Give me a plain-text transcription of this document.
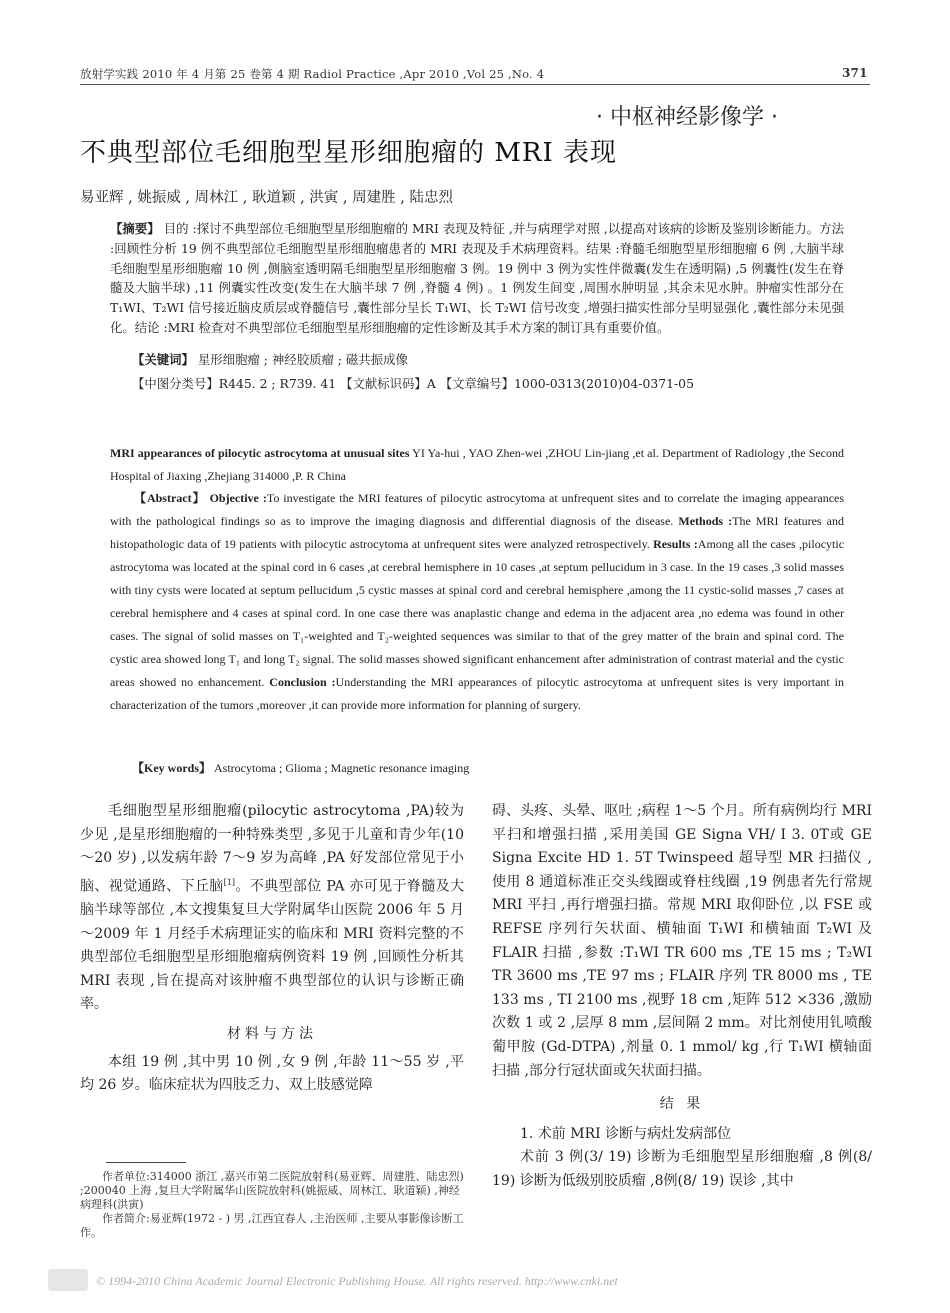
放射学实践 2010 年 4 月第 25 卷第 4 期 Radiol Practice ,Apr 2010 ,Vol 25 ,No. 4	371
· 中枢神经影像学 ·
不典型部位毛细胞型星形细胞瘤的 MRI 表现
易亚辉 , 姚振威 , 周林江 , 耿道颖 , 洪寅 , 周建胜 , 陆忠烈
【摘要】 目的 :探讨不典型部位毛细胞型星形细胞瘤的 MRI 表现及特征 ,并与病理学对照 ,以提高对该病的诊断及鉴别诊断能力。方法 :回顾性分析 19 例不典型部位毛细胞型星形细胞瘤患者的 MRI 表现及手术病理资料。结果 :脊髓毛细胞型星形细胞瘤 6 例 ,大脑半球毛细胞型星形细胞瘤 10 例 ,侧脑室透明隔毛细胞型星形细胞瘤 3 例。19 例中 3 例为实性伴微囊(发生在透明隔) ,5 例囊性(发生在脊髓及大脑半球) ,11 例囊实性改变(发生在大脑半球 7 例 ,脊髓 4 例) 。1 例发生间变 ,周围水肿明显 ,其余未见水肿。肿瘤实性部分在 T₁WI、T₂WI 信号接近脑皮质层或脊髓信号 ,囊性部分呈长 T₁WI、长 T₂WI 信号改变 ,增强扫描实性部分呈明显强化 ,囊性部分未见强化。结论 :MRI 检查对不典型部位毛细胞型星形细胞瘤的定性诊断及其手术方案的制订具有重要价值。
【关键词】 星形细胞瘤 ; 神经胶质瘤 ; 磁共振成像
【中图分类号】R445. 2 ; R739. 41 【文献标识码】A 【文章编号】1000-0313(2010)04-0371-05
MRI appearances of pilocytic astrocytoma at unusual sites YI Ya-hui , YAO Zhen-wei ,ZHOU Lin-jiang ,et al. Department of Radiology ,the Second Hospital of Jiaxing ,Zhejiang 314000 ,P. R China
【Abstract】 Objective :To investigate the MRI features of pilocytic astrocytoma at unfrequent sites and to correlate the imaging appearances with the pathological findings so as to improve the imaging diagnosis and differential diagnosis of the disease. Methods :The MRI features and histopathologic data of 19 patients with pilocytic astrocytoma at unfrequent sites were analyzed retrospectively. Results :Among all the cases ,pilocytic astrocytoma was located at the spinal cord in 6 cases ,at cerebral hemisphere in 10 cases ,at septum pellucidum in 3 case. In the 19 cases ,3 solid masses with tiny cysts were located at septum pellucidum ,5 cystic masses at spinal cord and cerebral hemisphere ,among the 11 cystic-solid masses ,7 cases at cerebral hemisphere and 4 cases at spinal cord. In one case there was anaplastic change and edema in the adjacent area ,no edema was found in other cases. The signal of solid masses on T₁-weighted and T₂-weighted sequences was similar to that of the grey matter of the brain and spinal cord. The cystic area showed long T₁ and long T₂ signal. The solid masses showed significant enhancement after administration of contrast material and the cystic areas showed no enhancement. Conclusion :Understanding the MRI appearances of pilocytic astrocytoma at unfrequent sites is very important in characterization of the tumors ,moreover ,it can provide more information for planning of surgery.
【Key words】 Astrocytoma ; Glioma ; Magnetic resonance imaging

毛细胞型星形细胞瘤(pilocytic astrocytoma ,PA)较为少见 ,是星形细胞瘤的一种特殊类型 ,多见于儿童和青少年(10～20 岁) ,以发病年龄 7～9 岁为高峰 ,PA 好发部位常见于小脑、视觉通路、下丘脑[1]。不典型部位 PA 亦可见于脊髓及大脑半球等部位 ,本文搜集复旦大学附属华山医院 2006 年 5 月～2009 年 1 月经手术病理证实的临床和 MRI 资料完整的不典型部位毛细胞型星形细胞瘤病例资料 19 例 ,回顾性分析其 MRI 表现 ,旨在提高对该肿瘤不典型部位的认识与诊断正确率。

材料与方法

本组 19 例 ,其中男 10 例 ,女 9 例 ,年龄 11～55 岁 ,平均 26 岁。临床症状为四肢乏力、双上肢感觉障

作者单位:314000 浙江 ,嘉兴市第二医院放射科(易亚辉、周建胜、陆忠烈) ;200040 上海 ,复旦大学附属华山医院放射科(姚振威、周林江、耿道颖) ,神经病理科(洪寅)
作者简介:易亚辉(1972 - ) 男 ,江西宜春人 ,主治医师 ,主要从事影像诊断工作。

碍、头疼、头晕、呕吐 ;病程 1～5 个月。所有病例均行 MRI 平扫和增强扫描 ,采用美国 GE Signa VH/ I 3. 0T或 GE Signa Excite HD 1. 5T Twinspeed 超导型 MR 扫描仪 ,使用 8 通道标准正交头线圈或脊柱线圈 ,19 例患者先行常规 MRI 平扫 ,再行增强扫描。常规 MRI 取仰卧位 ,以 FSE 或 REFSE 序列行矢状面、横轴面 T₁WI 和横轴面 T₂WI 及 FLAIR 扫描 ,参数 :T₁WI TR 600 ms ,TE 15 ms ; T₂WI TR 3600 ms ,TE 97 ms ; FLAIR 序列 TR 8000 ms , TE 133 ms , TI 2100 ms ,视野 18 cm ,矩阵 512 ×336 ,激励次数 1 或 2 ,层厚 8 mm ,层间隔 2 mm。对比剂使用钆喷酸葡甲胺 (Gd-DTPA) ,剂量 0. 1 mmol/ kg ,行 T₁WI 横轴面扫描 ,部分行冠状面或矢状面扫描。

结 果

1. 术前 MRI 诊断与病灶发病部位

术前 3 例(3/ 19) 诊断为毛细胞型星形细胞瘤 ,8 例(8/ 19) 诊断为低级别胶质瘤 ,8例(8/ 19) 误诊 ,其中

© 1994-2010 China Academic Journal Electronic Publishing House. All rights reserved. http://www.cnki.net
